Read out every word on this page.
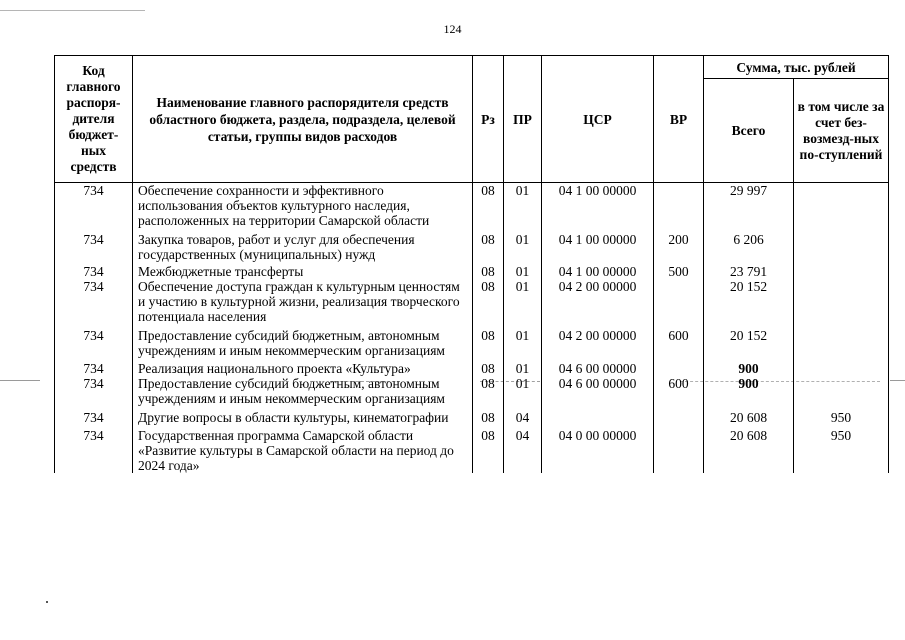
124
Код главного распоря-дителя бюджет-ных средств	Наименование главного распорядителя средств областного бюджета, раздела, подраздела, целевой статьи, группы видов расходов	Рз	ПР	ЦСР	ВР	Сумма, тыс. рублей	
						Всего	в том числе за счет без-возмезд-ных по-ступлений
734	Обеспечение сохранности и эффективного использования объектов культурного наследия, расположенных на территории Самарской области	08	01	04 1 00 00000		29 997	
734	Закупка товаров, работ и услуг для обеспечения государственных (муниципальных) нужд	08	01	04 1 00 00000	200	6 206	
734	Межбюджетные трансферты	08	01	04 1 00 00000	500	23 791	
734	Обеспечение доступа граждан к культурным ценностям и участию в культурной жизни, реализация творческого потенциала населения	08	01	04 2 00 00000		20 152	
734	Предоставление субсидий бюджетным, автономным учреждениям и иным некоммерческим организациям	08	01	04 2 00 00000	600	20 152	
734	Реализация национального проекта «Культура»	08	01	04 6 00 00000		900	
734	Предоставление субсидий бюджетным, автономным учреждениям и иным некоммерческим организациям	08	01	04 6 00 00000	600	900	
734	Другие вопросы в области культуры, кинематографии	08	04			20 608	950
734	Государственная программа Самарской области «Развитие культуры в Самарской области на период до 2024 года»	08	04	04 0 00 00000		20 608	950
